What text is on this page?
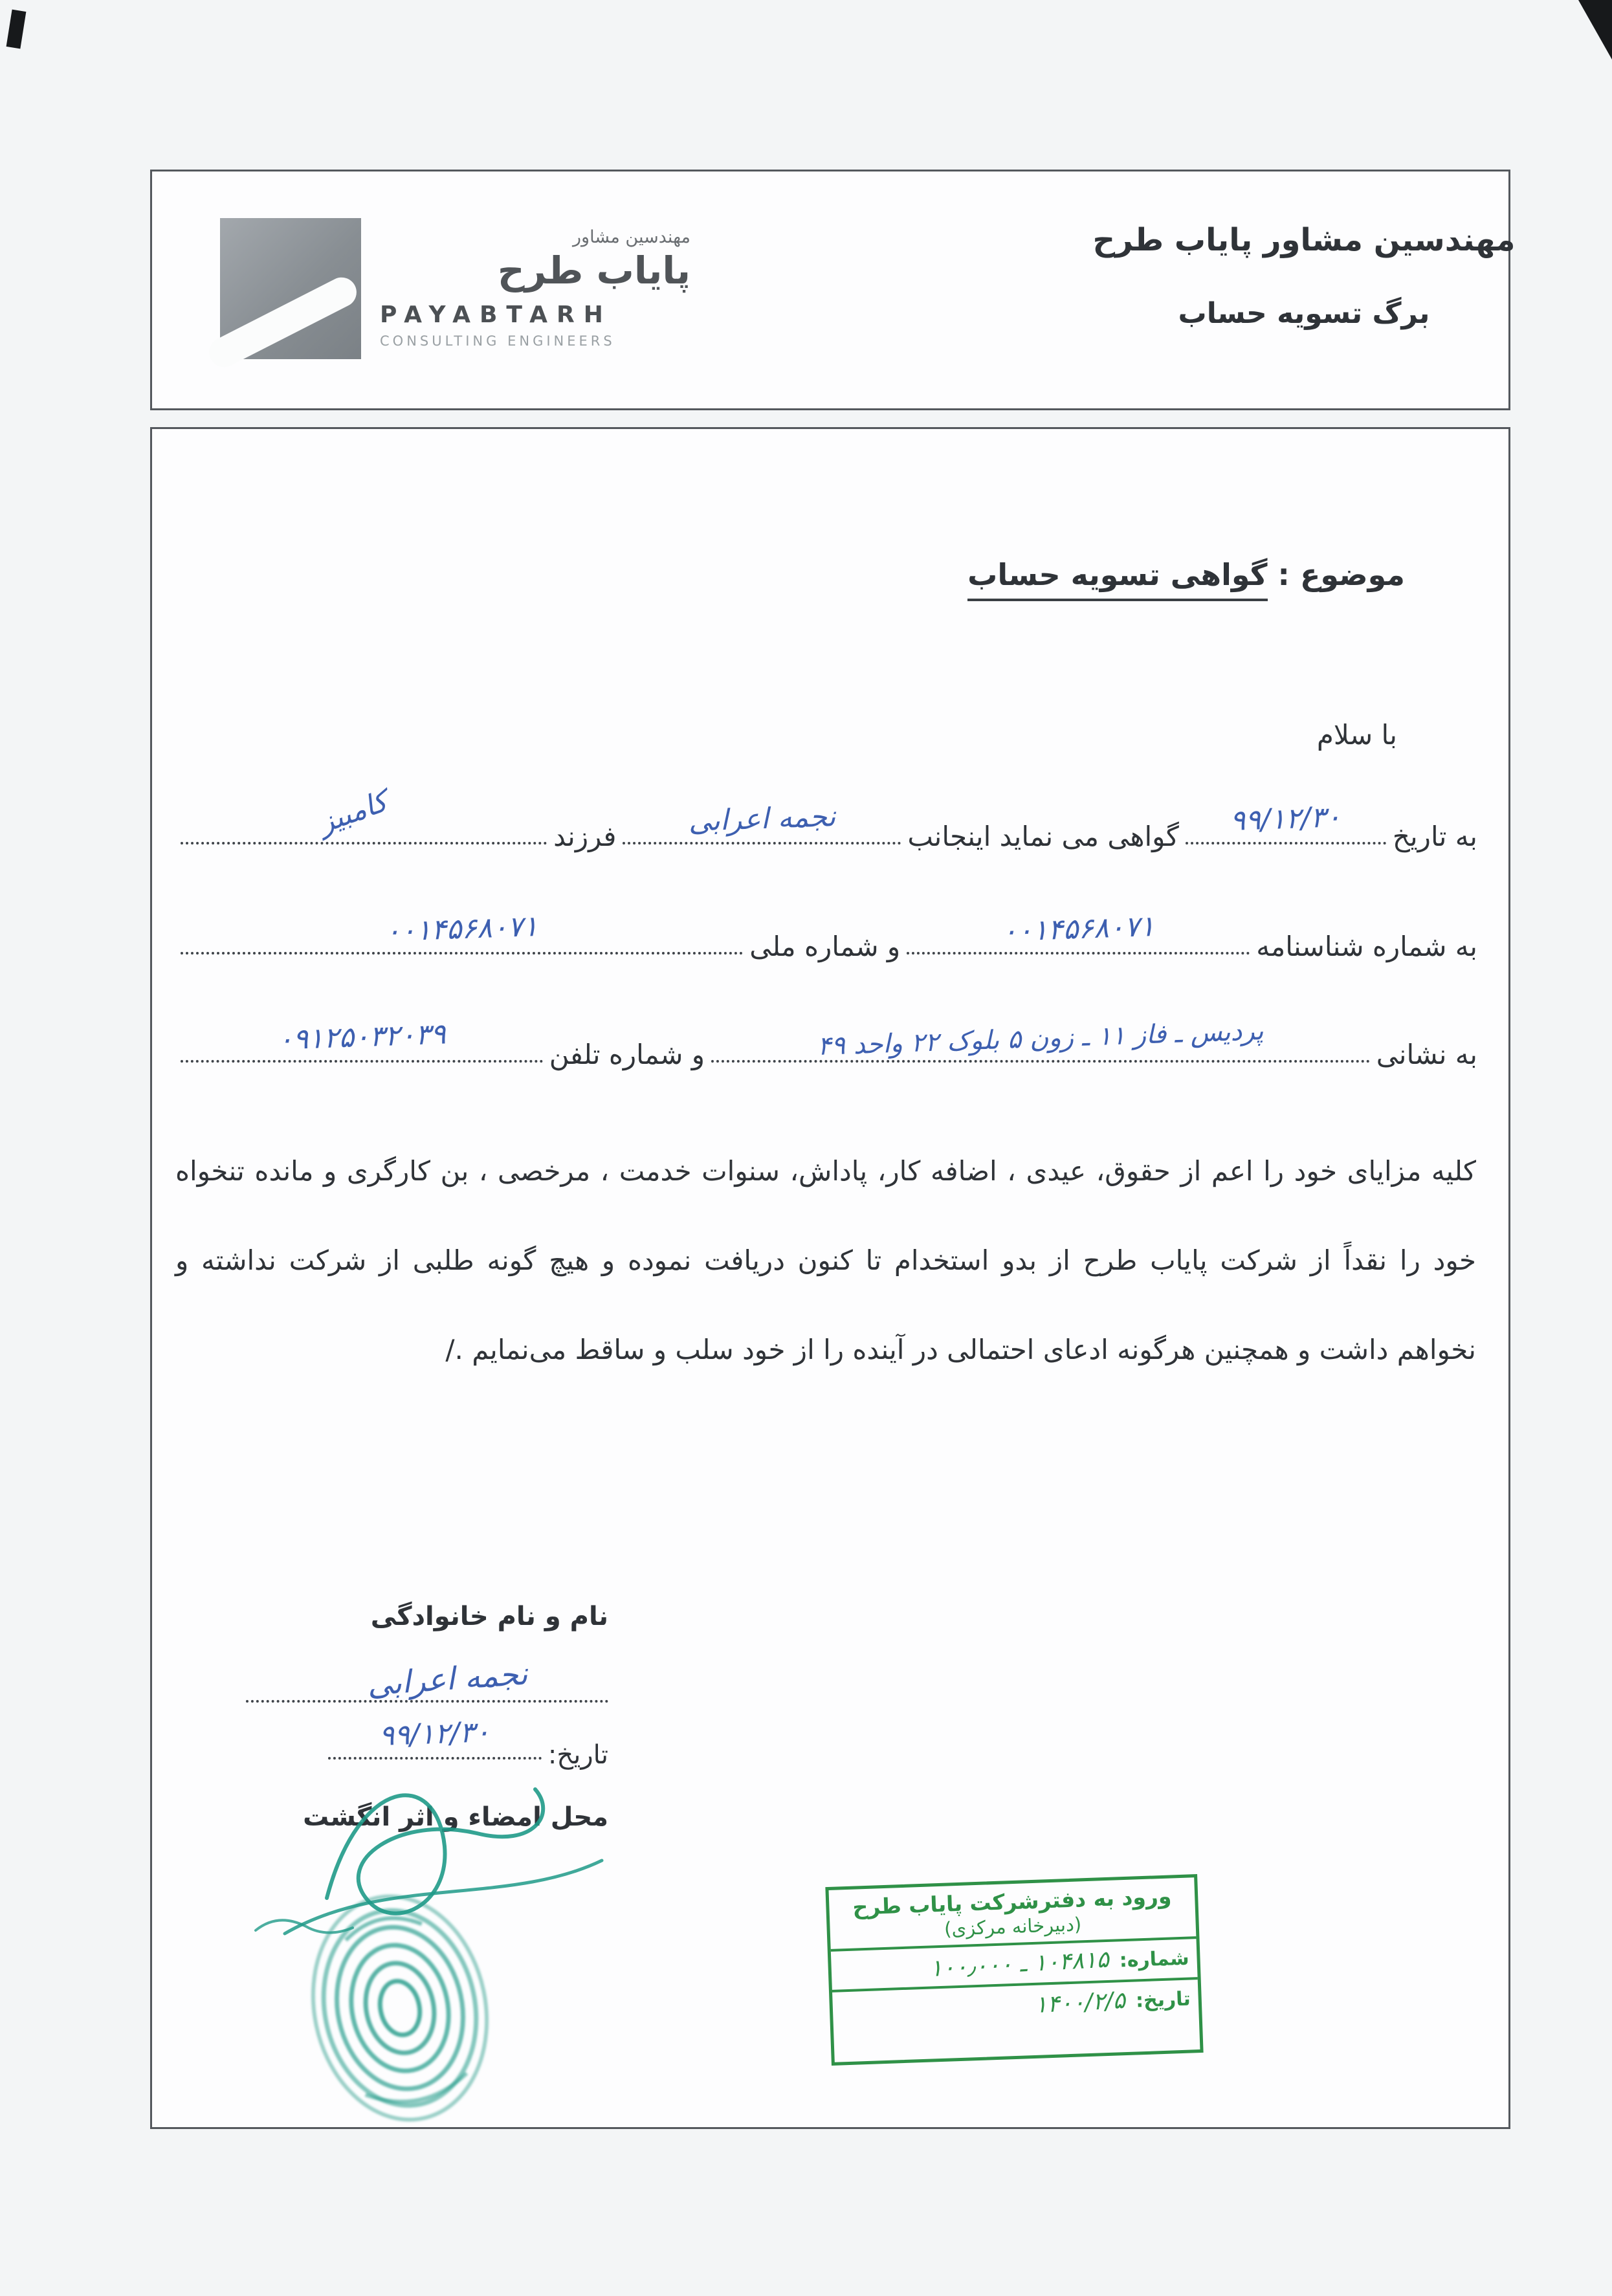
مهندسین مشاور
پایاب طرح
PAYABTARH
CONSULTING ENGINEERS
مهندسین مشاور پایاب طرح
برگ تسویه حساب
موضوع : گواهی تسویه حساب
با سلام
به تاریخ
۹۹/۱۲/۳۰
گواهی می نماید اینجانب
نجمه اعرابی
فرزند
کامبیز
به شماره شناسنامه
۰۰۱۴۵۶۸۰۷۱
و شماره ملی
۰۰۱۴۵۶۸۰۷۱
به نشانی
پردیس ـ فاز ۱۱ ـ زون ۵ بلوک ۲۲ واحد ۴۹
و شماره تلفن
۰۹۱۲۵۰۳۲۰۳۹
کلیه مزایای خود را اعم از حقوق، عیدی ، اضافه کار، پاداش، سنوات خدمت ، مرخصی ، بن کارگری و مانده تنخواه خود را نقداً از شرکت پایاب طرح از بدو استخدام تا کنون دریافت نموده و هیچ گونه طلبی از شرکت نداشته و نخواهم داشت و همچنین هرگونه ادعای احتمالی در آینده را از خود سلب و ساقط می‌نمایم ./
نام و نام خانوادگی
نجمه اعرابی
تاریخ:
۹۹/۱۲/۳۰
محل امضاء و اثر انگشت
ورود به دفترشرکت پایاب طرح
(دبیرخانه مرکزی)
شماره:
۱۰۴۸۱۵ ـ ۱۰۰٫۰۰۰
تاریخ:
۱۴۰۰/۲/۵
